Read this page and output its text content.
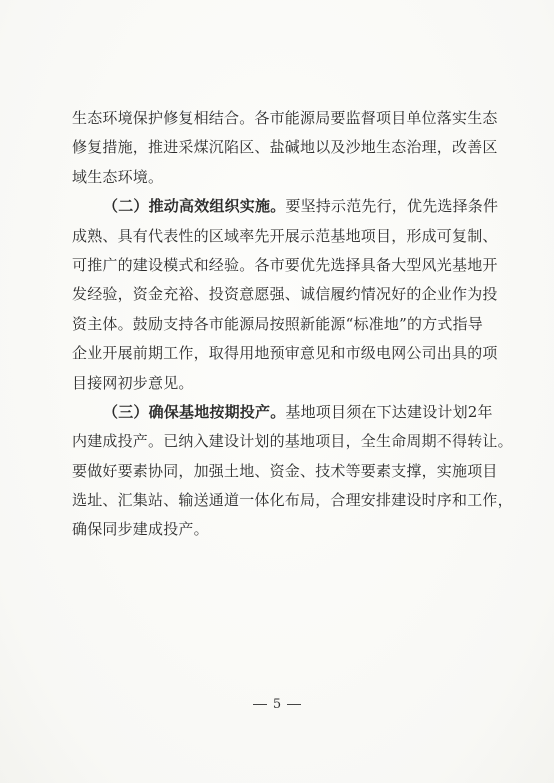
生态环境保护修复相结合。各市能源局要监督项目单位落实生态
修复措施，推进采煤沉陷区、盐碱地以及沙地生态治理，改善区
域生态环境。
（二）推动高效组织实施。要坚持示范先行，优先选择条件
成熟、具有代表性的区域率先开展示范基地项目，形成可复制、
可推广的建设模式和经验。各市要优先选择具备大型风光基地开
发经验，资金充裕、投资意愿强、诚信履约情况好的企业作为投
资主体。鼓励支持各市能源局按照新能源“标准地”的方式指导
企业开展前期工作，取得用地预审意见和市级电网公司出具的项
目接网初步意见。
（三）确保基地按期投产。基地项目须在下达建设计划2年
内建成投产。已纳入建设计划的基地项目，全生命周期不得转让。
要做好要素协同，加强土地、资金、技术等要素支撑，实施项目
选址、汇集站、输送通道一体化布局，合理安排建设时序和工作，
确保同步建成投产。
5
